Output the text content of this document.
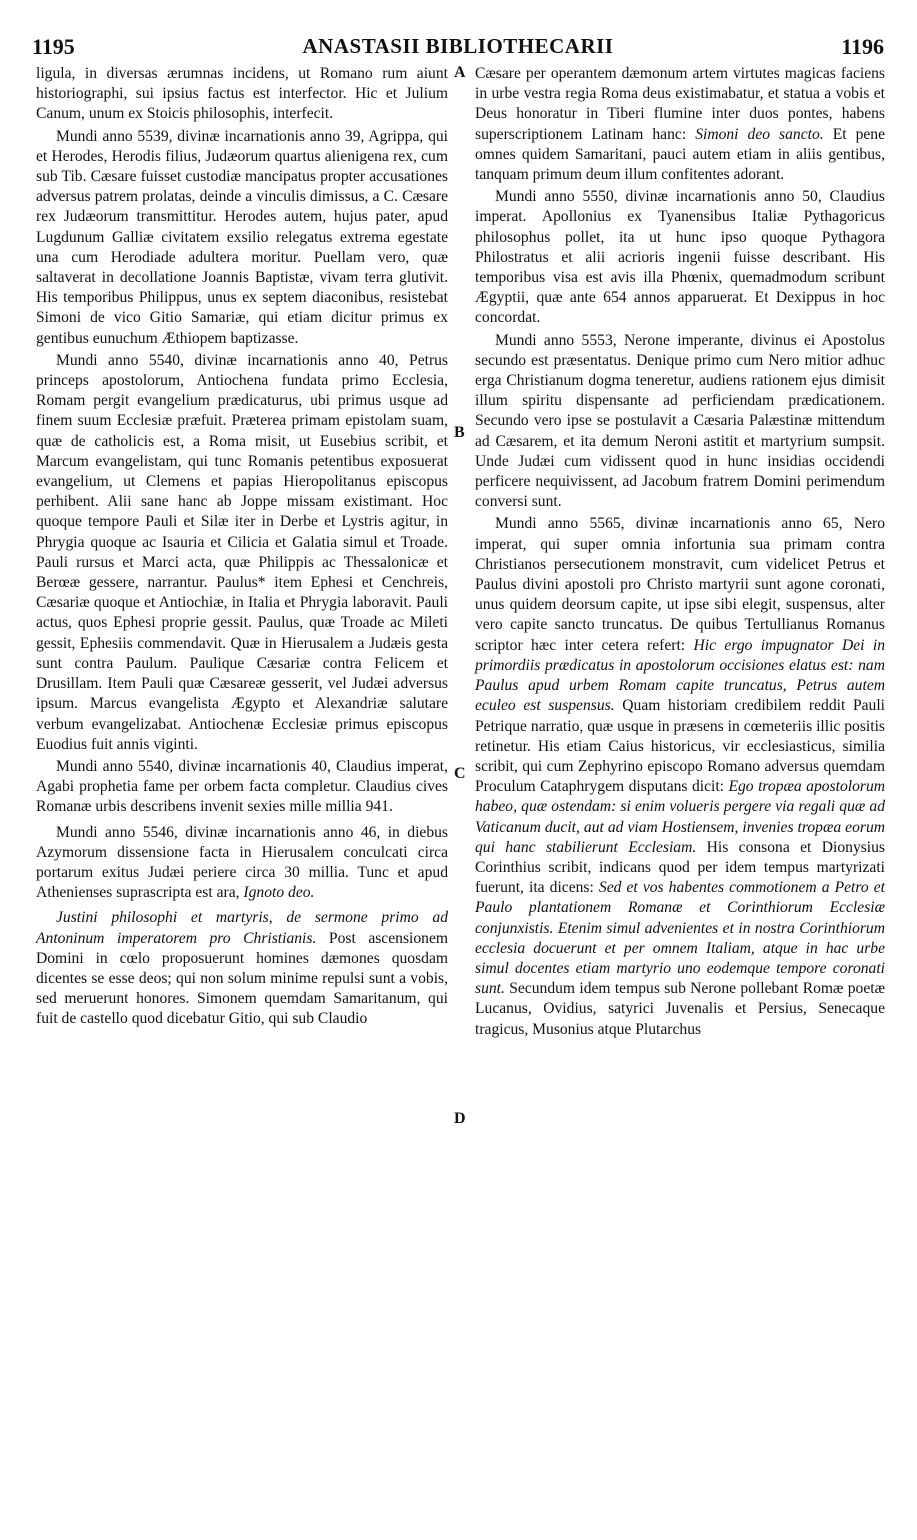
1195	ANASTASII BIBLIOTHECARII	1196
A
B
C
D

ligula, in diversas ærumnas incidens, ut Romano rum aiunt historiographi, sui ipsius factus est interfector. Hic et Julium Canum, unum ex Stoicis philosophis, interfecit.

Mundi anno 5539, divinæ incarnationis anno 39, Agrippa, qui et Herodes, Herodis filius, Judæorum quartus alienigena rex, cum sub Tib. Cæsare fuisset custodiæ mancipatus propter accusationes adversus patrem prolatas, deinde a vinculis dimissus, a C. Cæsare rex Judæorum transmittitur. Herodes autem, hujus pater, apud Lugdunum Galliæ civitatem exsilio relegatus extrema egestate una cum Herodiade adultera moritur. Puellam vero, quæ saltaverat in decollatione Joannis Baptistæ, vivam terra glutivit. His temporibus Philippus, unus ex septem diaconibus, resistebat Simoni de vico Gitio Samariæ, qui etiam dicitur primus ex gentibus eunuchum Æthiopem baptizasse.

Mundi anno 5540, divinæ incarnationis anno 40, Petrus princeps apostolorum, Antiochena fundata primo Ecclesia, Romam pergit evangelium prædicaturus, ubi primus usque ad finem suum Ecclesiæ præfuit. Præterea primam epistolam suam, quæ de catholicis est, a Roma misit, ut Eusebius scribit, et Marcum evangelistam, qui tunc Romanis petentibus exposuerat evangelium, ut Clemens et papias Hieropolitanus episcopus perhibent. Alii sane hanc ab Joppe missam existimant. Hoc quoque tempore Pauli et Silæ iter in Derbe et Lystris agitur, in Phrygia quoque ac Isauria et Cilicia et Galatia simul et Troade. Pauli rursus et Marci acta, quæ Philippis ac Thessalonicæ et Berœæ gessere, narrantur. Paulus* item Ephesi et Cenchreis, Cæsariæ quoque et Antiochiæ, in Italia et Phrygia laboravit. Pauli actus, quos Ephesi proprie gessit. Paulus, quæ Troade ac Mileti gessit, Ephesiis commendavit. Quæ in Hierusalem a Judæis gesta sunt contra Paulum. Paulique Cæsariæ contra Felicem et Drusillam. Item Pauli quæ Cæsareæ gesserit, vel Judæi adversus ipsum. Marcus evangelista Ægypto et Alexandriæ salutare verbum evangelizabat. Antiochenæ Ecclesiæ primus episcopus Euodius fuit annis viginti.

Mundi anno 5540, divinæ incarnationis 40, Claudius imperat, Agabi prophetia fame per orbem facta completur. Claudius cives Romanæ urbis describens invenit sexies mille millia 941.

Mundi anno 5546, divinæ incarnationis anno 46, in diebus Azymorum dissensione facta in Hierusalem conculcati circa portarum exitus Judæi periere circa 30 millia. Tunc et apud Athenienses suprascripta est ara, Ignoto deo.

Justini philosophi et martyris, de sermone primo ad Antoninum imperatorem pro Christianis. Post ascensionem Domini in cœlo proposuerunt homines dæmones quosdam dicentes se esse deos; qui non solum minime repulsi sunt a vobis, sed meruerunt honores. Simonem quemdam Samaritanum, qui fuit de castello quod dicebatur Gitio, qui sub Claudio

Cæsare per operantem dæmonum artem virtutes magicas faciens in urbe vestra regia Roma deus existimabatur, et statua a vobis et Deus honoratur in Tiberi flumine inter duos pontes, habens superscriptionem Latinam hanc: Simoni deo sancto. Et pene omnes quidem Samaritani, pauci autem etiam in aliis gentibus, tanquam primum deum illum confitentes adorant.

Mundi anno 5550, divinæ incarnationis anno 50, Claudius imperat. Apollonius ex Tyanensibus Italiæ Pythagoricus philosophus pollet, ita ut hunc ipso quoque Pythagora Philostratus et alii acrioris ingenii fuisse describant. His temporibus visa est avis illa Phœnix, quemadmodum scribunt Ægyptii, quæ ante 654 annos apparuerat. Et Dexippus in hoc concordat.

Mundi anno 5553, Nerone imperante, divinus ei Apostolus secundo est præsentatus. Denique primo cum Nero mitior adhuc erga Christianum dogma teneretur, audiens rationem ejus dimisit illum spiritu dispensante ad perficiendam prædicationem. Secundo vero ipse se postulavit a Cæsaria Palæstinæ mittendum ad Cæsarem, et ita demum Neroni astitit et martyrium sumpsit. Unde Judæi cum vidissent quod in hunc insidias occidendi perficere nequivissent, ad Jacobum fratrem Domini perimendum conversi sunt.

Mundi anno 5565, divinæ incarnationis anno 65, Nero imperat, qui super omnia infortunia sua primam contra Christianos persecutionem monstravit, cum videlicet Petrus et Paulus divini apostoli pro Christo martyrii sunt agone coronati, unus quidem deorsum capite, ut ipse sibi elegit, suspensus, alter vero capite sancto truncatus. De quibus Tertullianus Romanus scriptor hæc inter cetera refert: Hic ergo impugnator Dei in primordiis prædicatus in apostolorum occisiones elatus est: nam Paulus apud urbem Romam capite truncatus, Petrus autem eculeo est suspensus. Quam historiam credibilem reddit Pauli Petrique narratio, quæ usque in præsens in cœmeteriis illic positis retinetur. His etiam Caius historicus, vir ecclesiasticus, similia scribit, qui cum Zephyrino episcopo Romano adversus quemdam Proculum Cataphrygem disputans dicit: Ego tropæa apostolorum habeo, quæ ostendam: si enim volueris pergere via regali quæ ad Vaticanum ducit, aut ad viam Hostiensem, invenies tropæa eorum qui hanc stabilierunt Ecclesiam. His consona et Dionysius Corinthius scribit, indicans quod per idem tempus martyrizati fuerunt, ita dicens: Sed et vos habentes commotionem a Petro et Paulo plantationem Romanæ et Corinthiorum Ecclesiæ conjunxistis. Etenim simul advenientes et in nostra Corinthiorum ecclesia docuerunt et per omnem Italiam, atque in hac urbe simul docentes etiam martyrio uno eodemque tempore coronati sunt. Secundum idem tempus sub Nerone pollebant Romæ poetæ Lucanus, Ovidius, satyrici Juvenalis et Persius, Senecaque tragicus, Musonius atque Plutarchus
